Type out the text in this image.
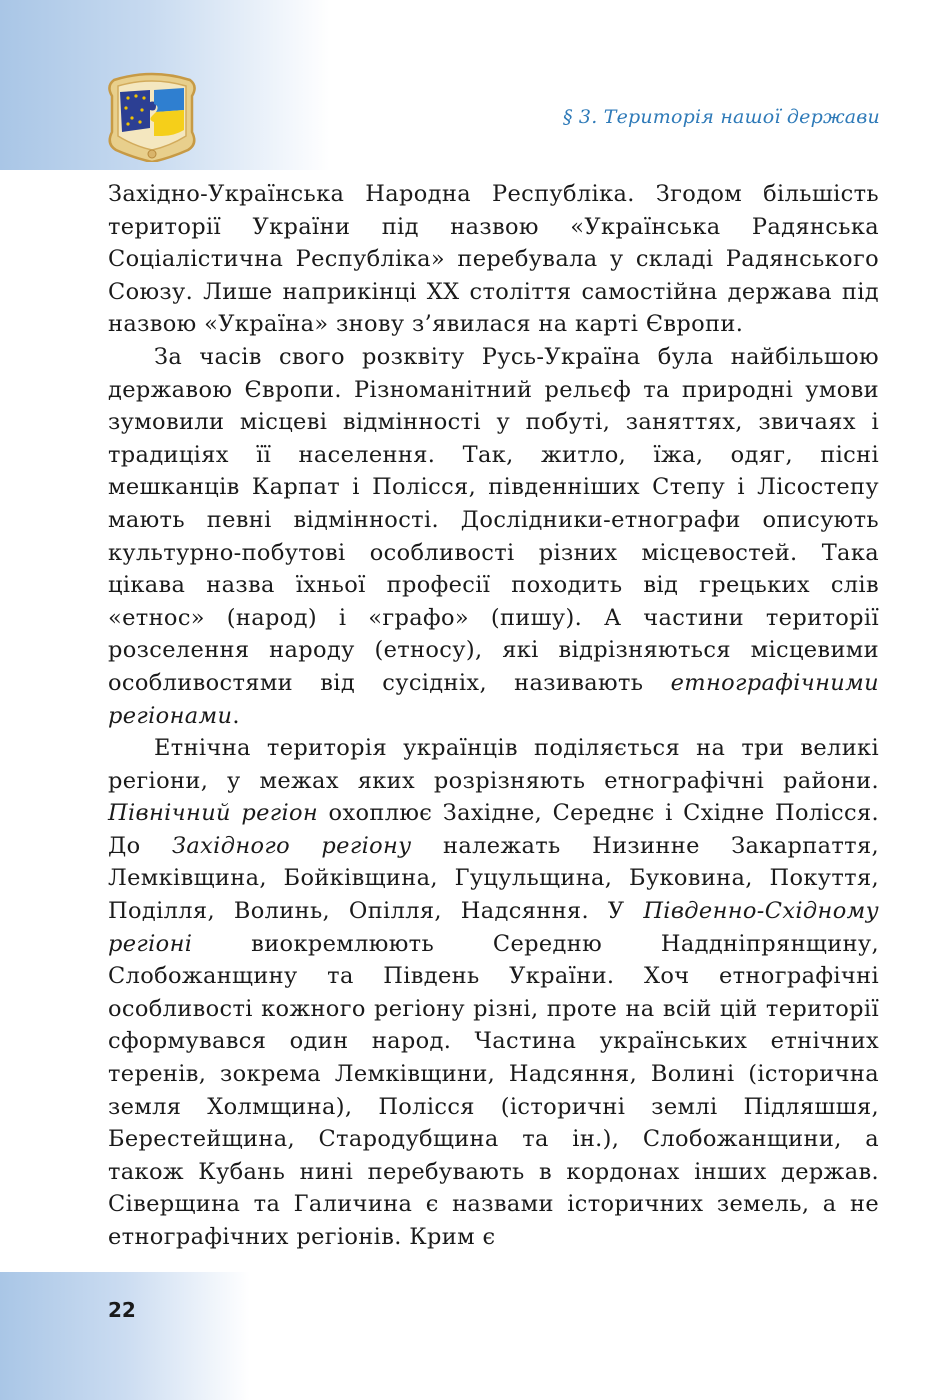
§ 3. Територія нашої держави

Західно-Українська Народна Республіка. Згодом більшість території України під назвою «Українська Радянська Соціалістична Республіка» перебувала у складі Радянського Союзу. Лише наприкінці XX століття самостійна держава під назвою «Україна» знову з’явилася на карті Європи.

За часів свого розквіту Русь-Україна була найбільшою державою Європи. Різноманітний рельєф та природні умови зумовили місцеві відмінності у побуті, заняттях, звичаях і традиціях її населення. Так, житло, їжа, одяг, пісні мешканців Карпат і Полісся, південніших Степу і Лісостепу мають певні відмінності. Дослідники-етнографи описують культурно-побутові особливості різних місцевостей. Така цікава назва їхньої професії походить від грецьких слів «етнос» (народ) і «графо» (пишу). А частини території розселення народу (етносу), які відрізняються місцевими особливостями від сусідніх, називають етнографічними регіонами.

Етнічна територія українців поділяється на три великі регіони, у межах яких розрізняють етнографічні райони. Північний регіон охоплює Західне, Середнє і Східне Полісся. До Західного регіону належать Низинне Закарпаття, Лемківщина, Бойківщина, Гуцульщина, Буковина, Покуття, Поділля, Волинь, Опілля, Надсяння. У Південно-Східному регіоні виокремлюють Середню Наддніпрянщину, Слобожанщину та Південь України. Хоч етнографічні особливості кожного регіону різні, проте на всій цій території сформувався один народ. Частина українських етнічних теренів, зокрема Лемківщини, Надсяння, Волині (історична земля Холмщина), Полісся (історичні землі Підляшшя, Берестейщина, Стародубщина та ін.), Слобожанщини, а також Кубань нині перебувають в кордонах інших держав. Сіверщина та Галичина є назвами історичних земель, а не етнографічних регіонів. Крим є

22
